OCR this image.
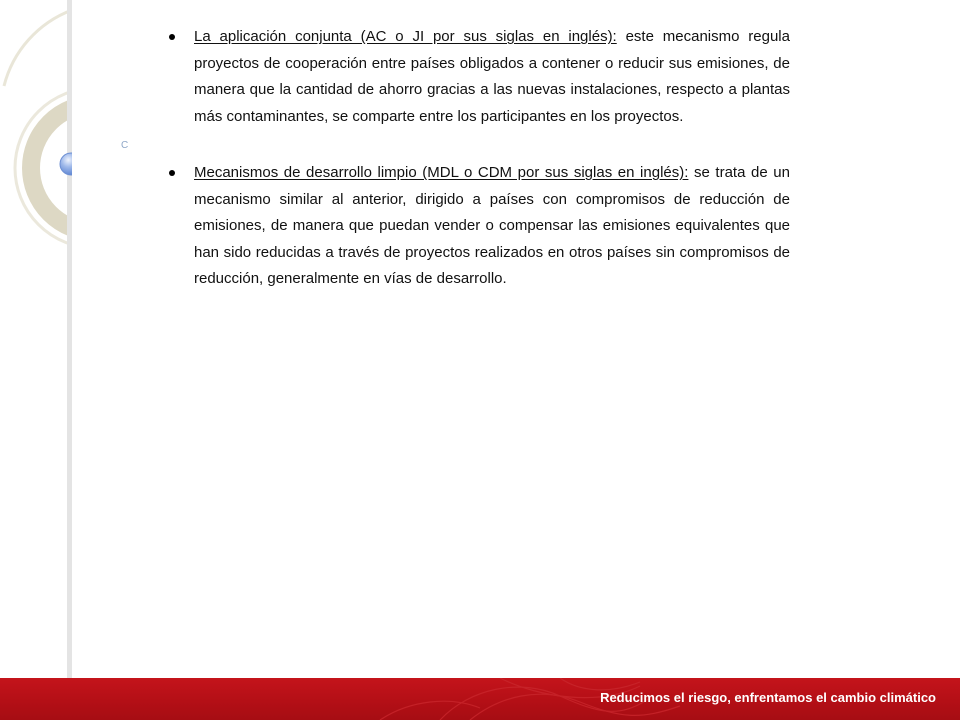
C

La aplicación conjunta (AC o JI por sus siglas en inglés): este mecanismo regula proyectos de cooperación entre países obligados a contener o reducir sus emisiones, de manera que la cantidad de ahorro gracias a las nuevas instalaciones, respecto a plantas más contaminantes, se comparte entre los participantes en los proyectos.

Mecanismos de desarrollo limpio (MDL o CDM por sus siglas en inglés): se trata de un mecanismo similar al anterior, dirigido a países con compromisos de reducción de emisiones, de manera que puedan vender o compensar las emisiones equivalentes que han sido reducidas a través de proyectos realizados en otros países sin compromisos de reducción, generalmente en vías de desarrollo.

Reducimos el riesgo, enfrentamos el cambio climático
